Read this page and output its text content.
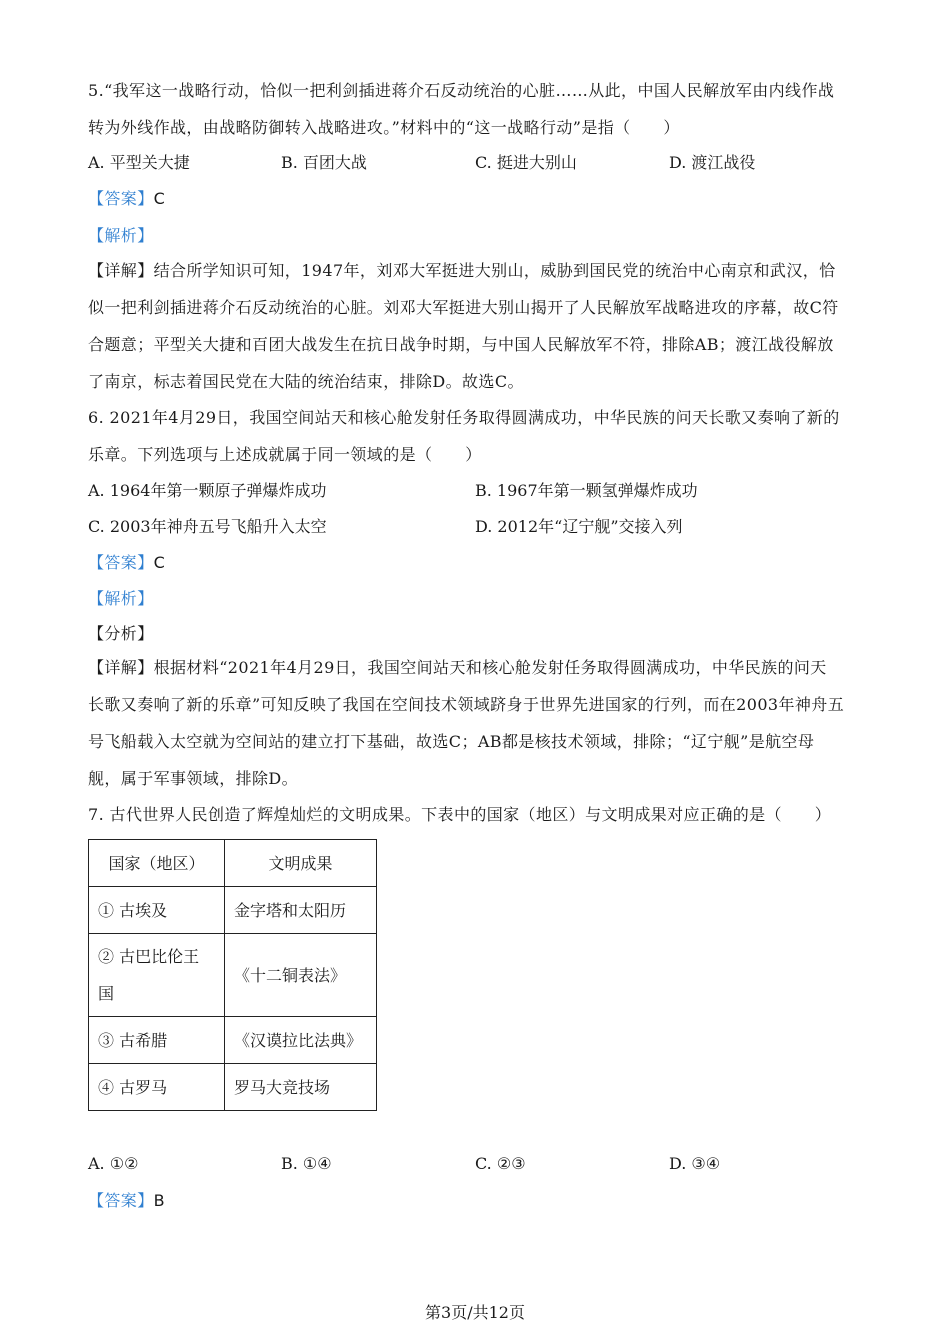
5.“我军这一战略行动，恰似一把利剑插进蒋介石反动统治的心脏……从此，中国人民解放军由内线作战
转为外线作战，由战略防御转入战略进攻。”材料中的“这一战略行动”是指（　　）
A. 平型关大捷	B. 百团大战	C. 挺进大别山	D. 渡江战役
【答案】C
【解析】
【详解】结合所学知识可知，1947年，刘邓大军挺进大别山，威胁到国民党的统治中心南京和武汉，恰
似一把利剑插进蒋介石反动统治的心脏。刘邓大军挺进大别山揭开了人民解放军战略进攻的序幕，故C符
合题意；平型关大捷和百团大战发生在抗日战争时期，与中国人民解放军不符，排除AB；渡江战役解放
了南京，标志着国民党在大陆的统治结束，排除D。故选C。
6. 2021年4月29日，我国空间站天和核心舱发射任务取得圆满成功，中华民族的问天长歌又奏响了新的
乐章。下列选项与上述成就属于同一领域的是（　　）
A. 1964年第一颗原子弹爆炸成功	B. 1967年第一颗氢弹爆炸成功
C. 2003年神舟五号飞船升入太空	D. 2012年“辽宁舰”交接入列
【答案】C
【解析】
【分析】
【详解】根据材料“2021年4月29日，我国空间站天和核心舱发射任务取得圆满成功，中华民族的问天
长歌又奏响了新的乐章”可知反映了我国在空间技术领域跻身于世界先进国家的行列，而在2003年神舟五
号飞船载入太空就为空间站的建立打下基础，故选C；AB都是核技术领域，排除；“辽宁舰”是航空母
舰，属于军事领域，排除D。
7. 古代世界人民创造了辉煌灿烂的文明成果。下表中的国家（地区）与文明成果对应正确的是（　　）
国家（地区）	文明成果
① 古埃及	金字塔和太阳历
② 古巴比伦王
国	《十二铜表法》
③ 古希腊	《汉谟拉比法典》
④ 古罗马	罗马大竞技场
A. ①②	B. ①④	C. ②③	D. ③④
【答案】B
第3页/共12页
